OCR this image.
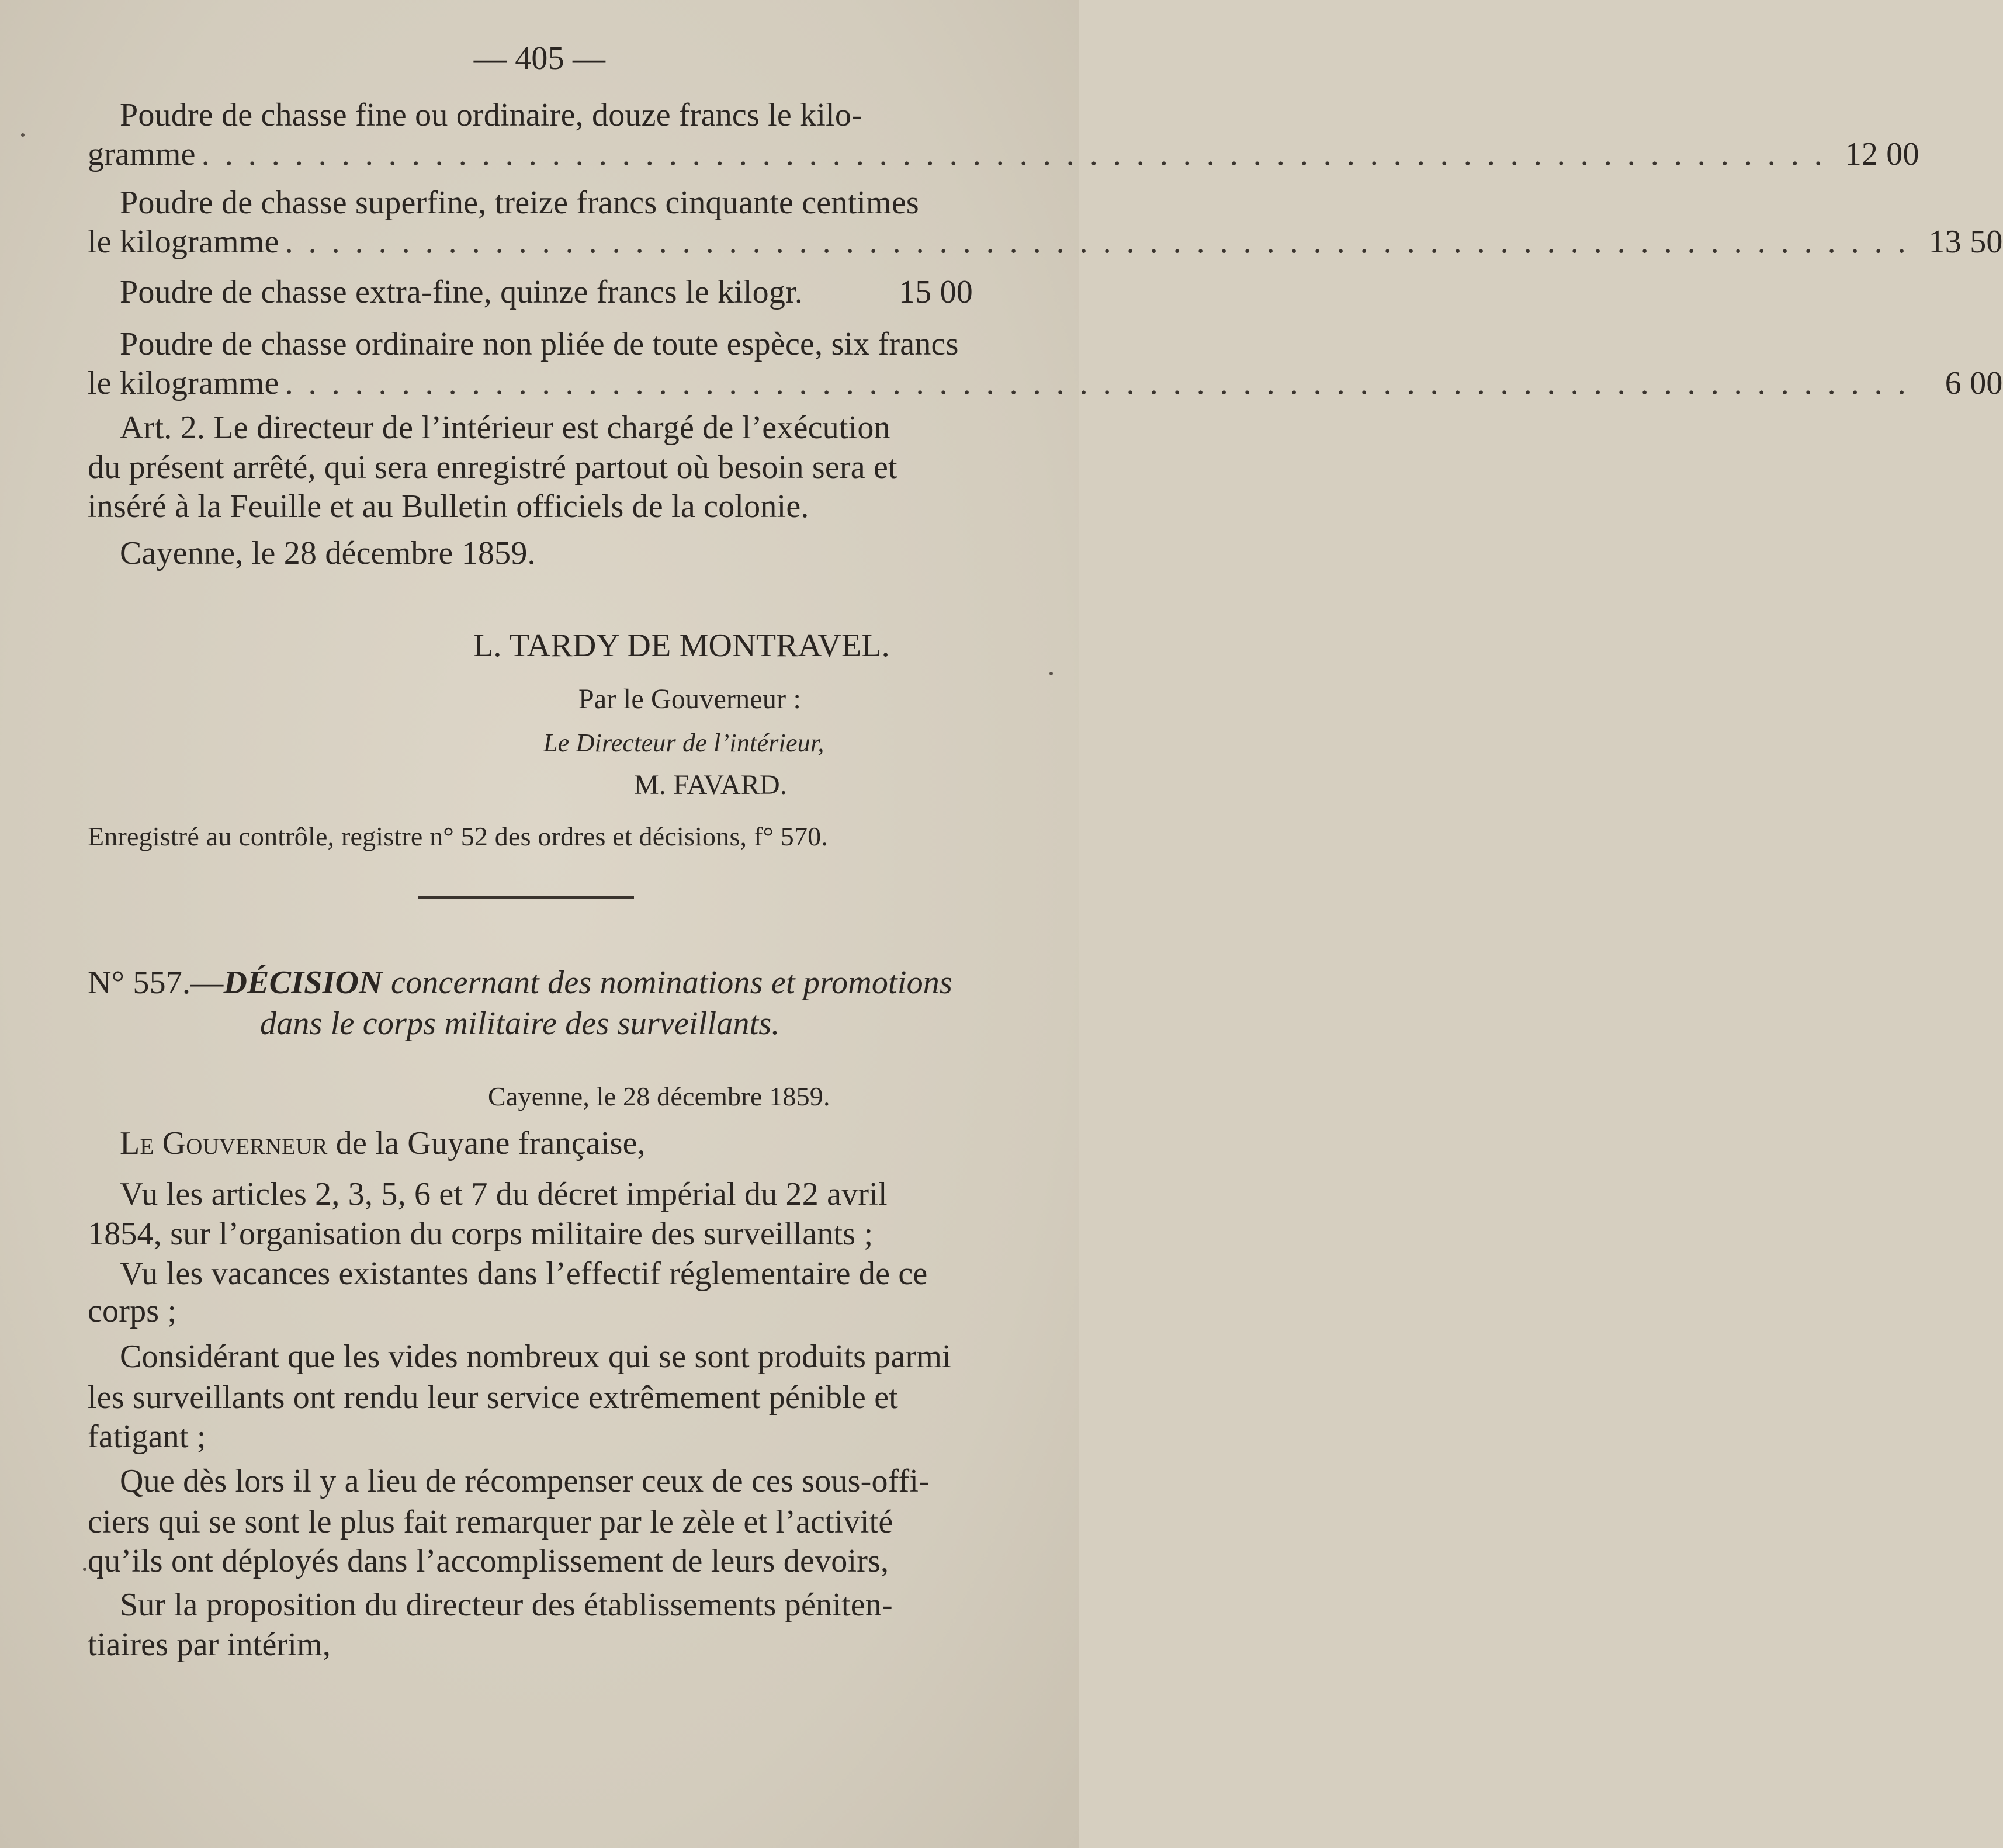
— 405 —
Poudre de chasse fine ou ordinaire, douze francs le kilo-
gramme . . . . . . . . . . . . . . . . . . . . . . . . . . . . . . . . . . . . . . . . . . . . . . . . . . . . . . . . . . . . . . . . . . . . . . 12 00
Poudre de chasse superfine, treize francs cinquante centimes
le kilogramme . . . . . . . . . . . . . . . . . . . . . . . . . . . . . . . . . . . . . . . . . . . . . . . . . . . . . . . . . . . . . . . . . . . . . . 13 50
Poudre de chasse extra-fine, quinze francs le kilogr.	15 00
Poudre de chasse ordinaire non pliée de toute espèce, six francs
le kilogramme . . . . . . . . . . . . . . . . . . . . . . . . . . . . . . . . . . . . . . . . . . . . . . . . . . . . . . . . . . . . . . . . . . . . . .	6 00
Art. 2. Le directeur de l’intérieur est chargé de l’exécution
du présent arrêté, qui sera enregistré partout où besoin sera et
inséré à la Feuille et au Bulletin officiels de la colonie.
Cayenne, le 28 décembre 1859.
L. TARDY DE MONTRAVEL.
Par le Gouverneur :
Le Directeur de l’intérieur,
M. FAVARD.
Enregistré au contrôle, registre n° 52 des ordres et décisions, f° 570.
N° 557.—DÉCISION concernant des nominations et promotions
dans le corps militaire des surveillants.
Cayenne, le 28 décembre 1859.
Le Gouverneur de la Guyane française,
Vu les articles 2, 3, 5, 6 et 7 du décret impérial du 22 avril
1854, sur l’organisation du corps militaire des surveillants ;
Vu les vacances existantes dans l’effectif réglementaire de ce
corps ;
Considérant que les vides nombreux qui se sont produits parmi
les surveillants ont rendu leur service extrêmement pénible et
fatigant ;
Que dès lors il y a lieu de récompenser ceux de ces sous-offi-
ciers qui se sont le plus fait remarquer par le zèle et l’activité
qu’ils ont déployés dans l’accomplissement de leurs devoirs,
Sur la proposition du directeur des établissements péniten-
tiaires par intérim,
